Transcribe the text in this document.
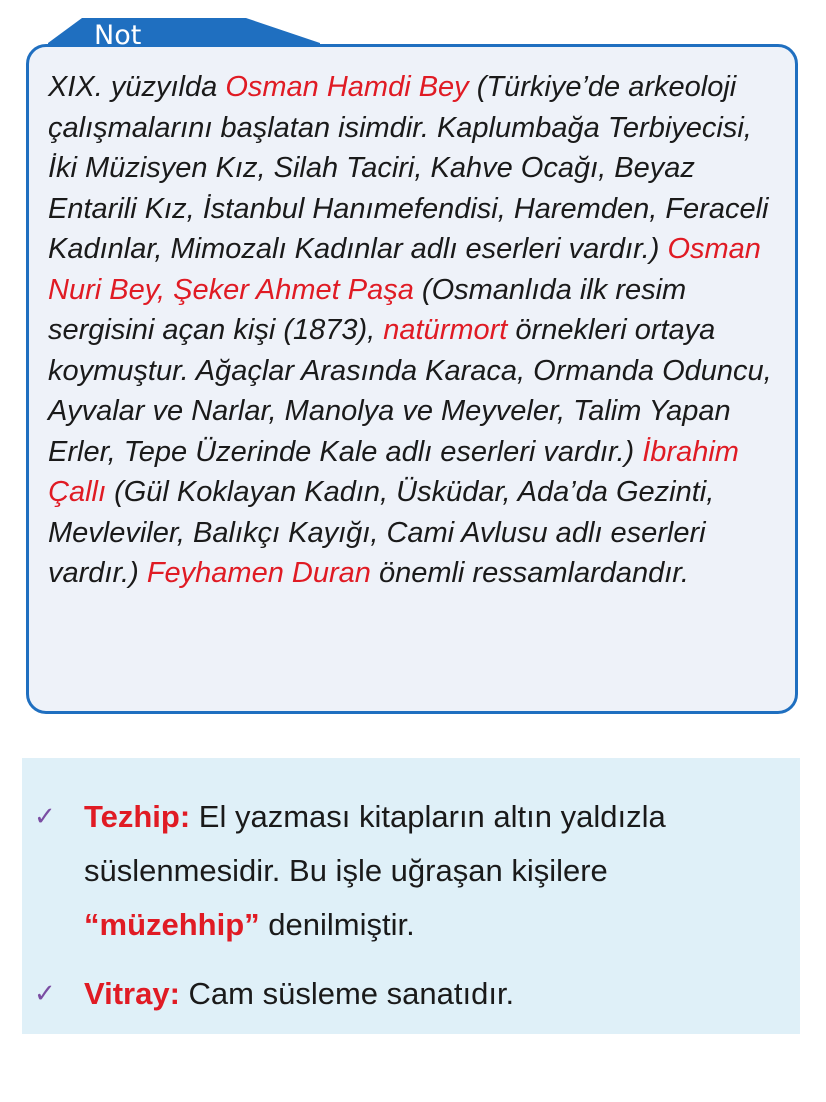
Not
XIX. yüzyılda Osman Hamdi Bey (Türkiye’de arkeoloji çalışmalarını başlatan isimdir. Kaplumbağa Terbiyecisi, İki Müzisyen Kız, Silah Taciri, Kahve Ocağı, Beyaz Entarili Kız, İstanbul Hanımefendisi, Haremden, Feraceli Kadınlar, Mimozalı Kadınlar adlı eserleri vardır.) Osman Nuri Bey, Şeker Ahmet Paşa (Osmanlıda ilk resim sergisini açan kişi (1873), natürmort örnekleri ortaya koymuştur. Ağaçlar Arasında Karaca, Ormanda Oduncu, Ayvalar ve Narlar, Manolya ve Meyveler, Talim Yapan Erler, Tepe Üzerinde Kale adlı eserleri vardır.) İbrahim Çallı (Gül Koklayan Kadın, Üsküdar, Ada’da Gezinti, Mevleviler, Balıkçı Kayığı, Cami Avlusu adlı eserleri vardır.) Feyhamen Duran önemli ressamlardandır.
✓ Tezhip: El yazması kitapların altın yaldızla süslenmesidir. Bu işle uğraşan kişilere “müzehhip” denilmiştir.
✓ Vitray: Cam süsleme sanatıdır.
